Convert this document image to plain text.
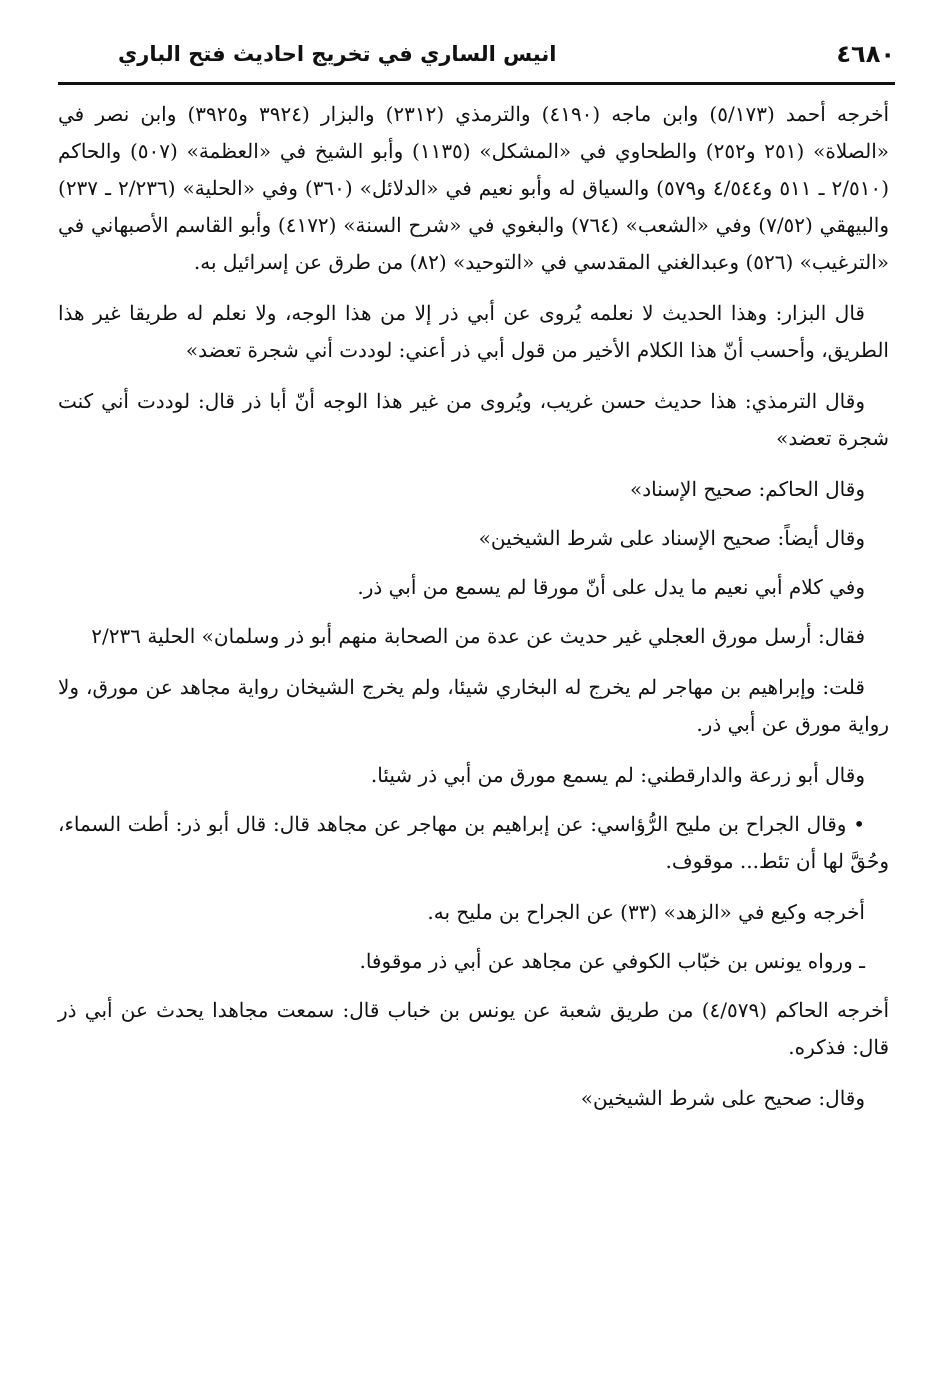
٤٦٨٠
انيس الساري في تخريج احاديث فتح الباري

أخرجه أحمد (٥/١٧٣) وابن ماجه (٤١٩٠) والترمذي (٢٣١٢) والبزار (٣٩٢٤ و٣٩٢٥) وابن نصر في «الصلاة» (٢٥١ و٢٥٢) والطحاوي في «المشكل» (١١٣٥) وأبو الشيخ في «العظمة» (٥٠٧) والحاكم (٢/٥١٠ ـ ٥١١ و٤/٥٤٤ و٥٧٩) والسياق له وأبو نعيم في «الدلائل» (٣٦٠) وفي «الحلية» (٢/٢٣٦ ـ ٢٣٧) والبيهقي (٧/٥٢) وفي «الشعب» (٧٦٤) والبغوي في «شرح السنة» (٤١٧٢) وأبو القاسم الأصبهاني في «الترغيب» (٥٢٦) وعبدالغني المقدسي في «التوحيد» (٨٢) من طرق عن إسرائيل به.

قال البزار: وهذا الحديث لا نعلمه يُروى عن أبي ذر إلا من هذا الوجه، ولا نعلم له طريقا غير هذا الطريق، وأحسب أنّ هذا الكلام الأخير من قول أبي ذر أعني: لوددت أني شجرة تعضد»

وقال الترمذي: هذا حديث حسن غريب، ويُروى من غير هذا الوجه أنّ أبا ذر قال: لوددت أني كنت شجرة تعضد»

وقال الحاكم: صحيح الإسناد»

وقال أيضاً: صحيح الإسناد على شرط الشيخين»

وفي كلام أبي نعيم ما يدل على أنّ مورقا لم يسمع من أبي ذر.

فقال: أرسل مورق العجلي غير حديث عن عدة من الصحابة منهم أبو ذر وسلمان» الحلية ٢/٢٣٦

قلت: وإبراهيم بن مهاجر لم يخرج له البخاري شيئا، ولم يخرج الشيخان رواية مجاهد عن مورق، ولا رواية مورق عن أبي ذر.

وقال أبو زرعة والدارقطني: لم يسمع مورق من أبي ذر شيئا.

• وقال الجراح بن مليح الرُّؤاسي: عن إبراهيم بن مهاجر عن مجاهد قال: قال أبو ذر: أطت السماء، وحُقَّ لها أن تئط... موقوف.

أخرجه وكيع في «الزهد» (٣٣) عن الجراح بن مليح به.

ـ ورواه يونس بن خبّاب الكوفي عن مجاهد عن أبي ذر موقوفا.

أخرجه الحاكم (٤/٥٧٩) من طريق شعبة عن يونس بن خباب قال: سمعت مجاهدا يحدث عن أبي ذر قال: فذكره.

وقال: صحيح على شرط الشيخين»
